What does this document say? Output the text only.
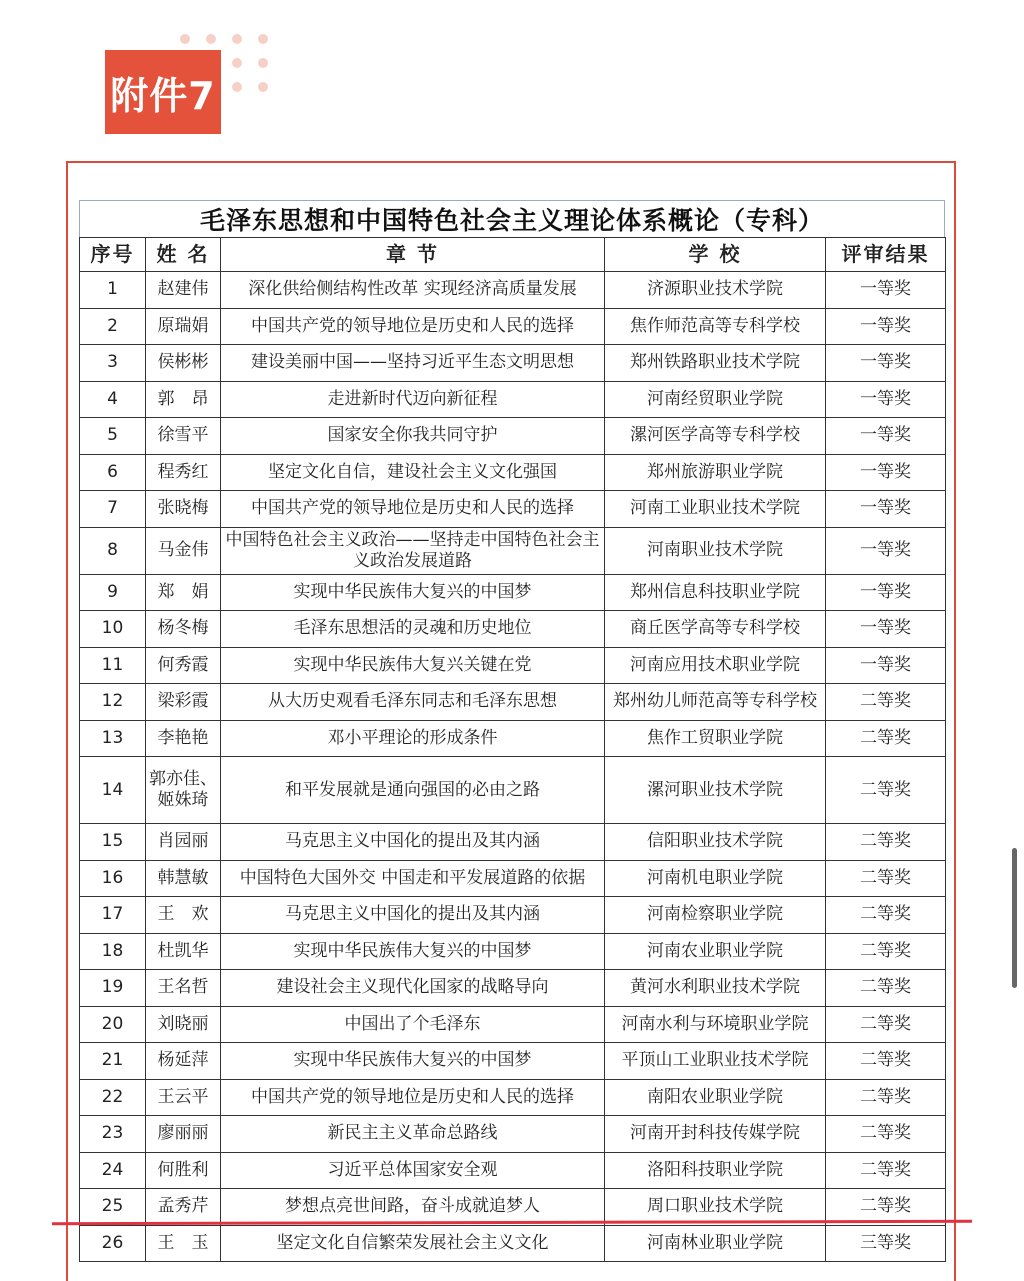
附件7
毛泽东思想和中国特色社会主义理论体系概论（专科）
序号	姓 名	章 节	学 校	评审结果
1	赵建伟	深化供给侧结构性改革 实现经济高质量发展	济源职业技术学院	一等奖
2	原瑞娟	中国共产党的领导地位是历史和人民的选择	焦作师范高等专科学校	一等奖
3	侯彬彬	建设美丽中国——坚持习近平生态文明思想	郑州铁路职业技术学院	一等奖
4	郭　昂	走进新时代迈向新征程	河南经贸职业学院	一等奖
5	徐雪平	国家安全你我共同守护	漯河医学高等专科学校	一等奖
6	程秀红	坚定文化自信，建设社会主义文化强国	郑州旅游职业学院	一等奖
7	张晓梅	中国共产党的领导地位是历史和人民的选择	河南工业职业技术学院	一等奖
8	马金伟	中国特色社会主义政治——坚持走中国特色社会主义政治发展道路	河南职业技术学院	一等奖
9	郑　娟	实现中华民族伟大复兴的中国梦	郑州信息科技职业学院	一等奖
10	杨冬梅	毛泽东思想活的灵魂和历史地位	商丘医学高等专科学校	一等奖
11	何秀霞	实现中华民族伟大复兴关键在党	河南应用技术职业学院	一等奖
12	梁彩霞	从大历史观看毛泽东同志和毛泽东思想	郑州幼儿师范高等专科学校	二等奖
13	李艳艳	邓小平理论的形成条件	焦作工贸职业学院	二等奖
14	郭亦佳、姬姝琦	和平发展就是通向强国的必由之路	漯河职业技术学院	二等奖
15	肖园丽	马克思主义中国化的提出及其内涵	信阳职业技术学院	二等奖
16	韩慧敏	中国特色大国外交 中国走和平发展道路的依据	河南机电职业学院	二等奖
17	王　欢	马克思主义中国化的提出及其内涵	河南检察职业学院	二等奖
18	杜凯华	实现中华民族伟大复兴的中国梦	河南农业职业学院	二等奖
19	王名哲	建设社会主义现代化国家的战略导向	黄河水利职业技术学院	二等奖
20	刘晓丽	中国出了个毛泽东	河南水利与环境职业学院	二等奖
21	杨延萍	实现中华民族伟大复兴的中国梦	平顶山工业职业技术学院	二等奖
22	王云平	中国共产党的领导地位是历史和人民的选择	南阳农业职业学院	二等奖
23	廖丽丽	新民主主义革命总路线	河南开封科技传媒学院	二等奖
24	何胜利	习近平总体国家安全观	洛阳科技职业学院	二等奖
25	孟秀芹	梦想点亮世间路，奋斗成就追梦人	周口职业技术学院	二等奖
26	王　玉	坚定文化自信繁荣发展社会主义文化	河南林业职业学院	三等奖
